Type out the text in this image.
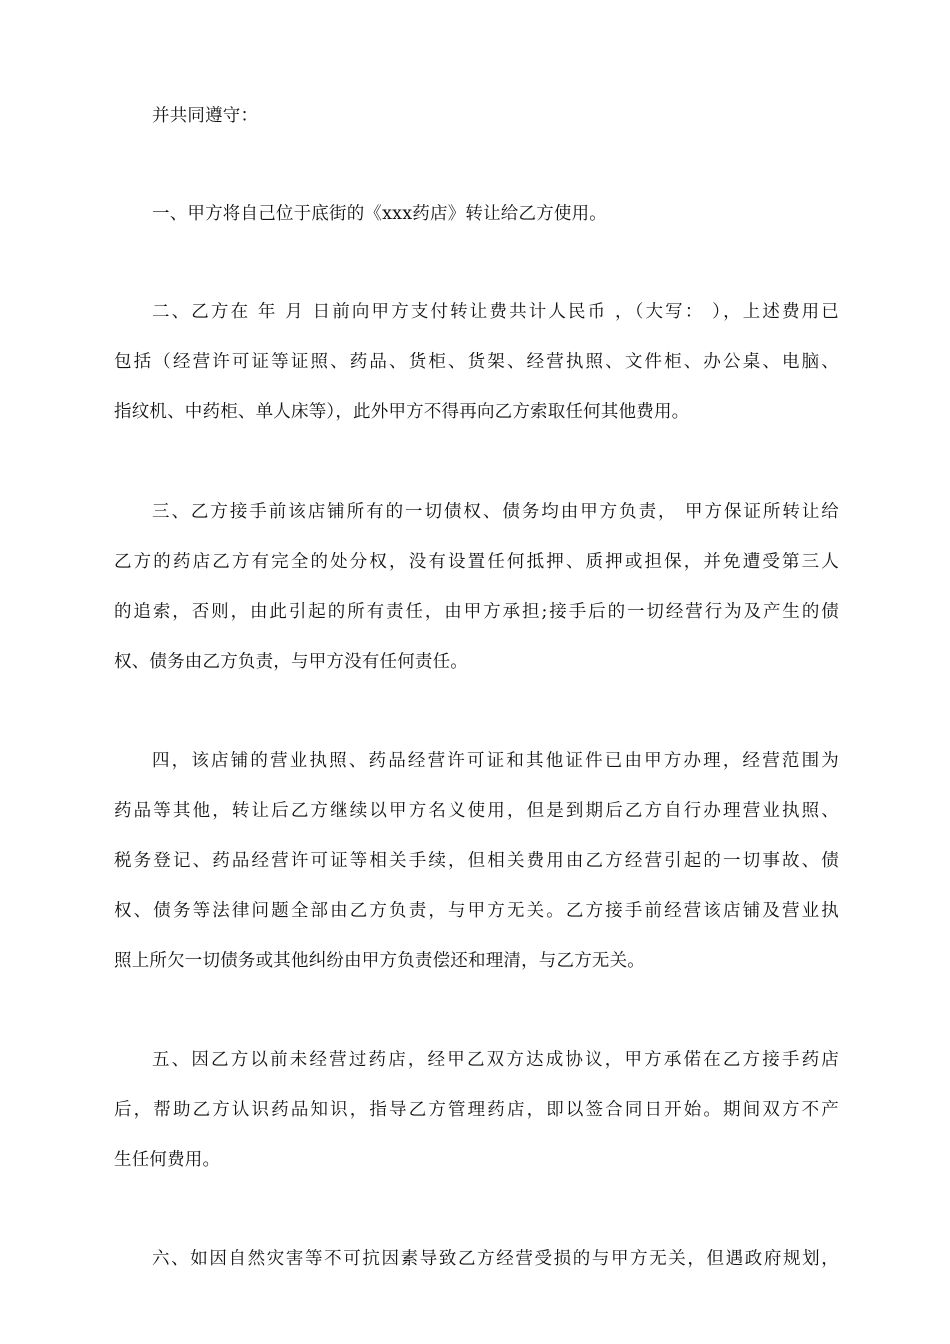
并共同遵守：
一、甲方将自己位于底街的《xxx药店》转让给乙方使用。
二、乙方在 年 月 日前向甲方支付转让费共计人民币 ，（大写： ），上述费用已
包括（经营许可证等证照、药品、货柜、货架、经营执照、文件柜、办公桌、电脑、
指纹机、中药柜、单人床等），此外甲方不得再向乙方索取任何其他费用。
三、乙方接手前该店铺所有的一切债权、债务均由甲方负责， 甲方保证所转让给
乙方的药店乙方有完全的处分权，没有设置任何抵押、质押或担保，并免遭受第三人
的追索，否则，由此引起的所有责任，由甲方承担;接手后的一切经营行为及产生的债
权、债务由乙方负责，与甲方没有任何责任。
四，该店铺的营业执照、药品经营许可证和其他证件已由甲方办理，经营范围为
药品等其他，转让后乙方继续以甲方名义使用，但是到期后乙方自行办理营业执照、
税务登记、药品经营许可证等相关手续，但相关费用由乙方经营引起的一切事故、债
权、债务等法律问题全部由乙方负责，与甲方无关。乙方接手前经营该店铺及营业执
照上所欠一切债务或其他纠纷由甲方负责偿还和理清，与乙方无关。
五、因乙方以前未经营过药店，经甲乙双方达成协议，甲方承偌在乙方接手药店
后，帮助乙方认识药品知识，指导乙方管理药店，即以签合同日开始。期间双方不产
生任何费用。
六、如因自然灾害等不可抗因素导致乙方经营受损的与甲方无关，但遇政府规划，
